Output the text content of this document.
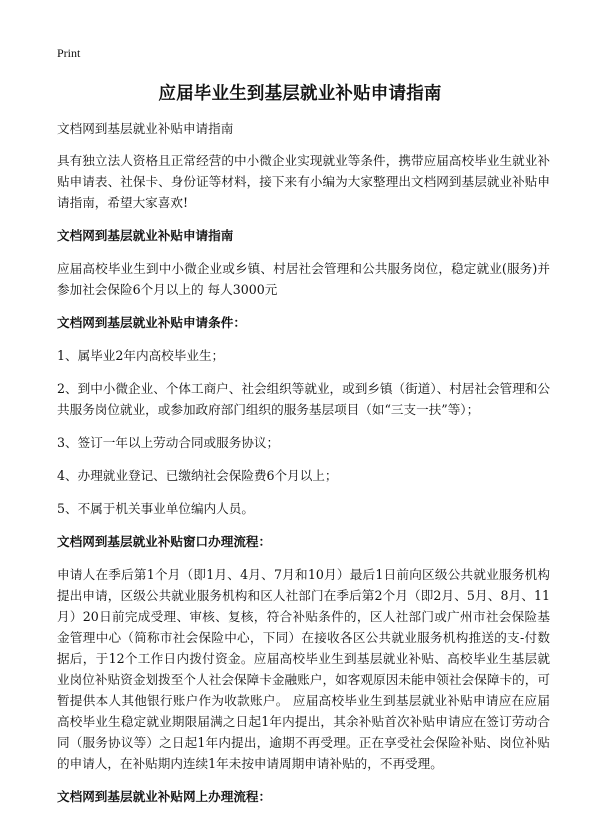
Print
应届毕业生到基层就业补贴申请指南

文档网到基层就业补贴申请指南

具有独立法人资格且正常经营的中小微企业实现就业等条件，携带应届高校毕业生就业补贴申请表、社保卡、身份证等材料，接下来有小编为大家整理出文档网到基层就业补贴申请指南，希望大家喜欢!

文档网到基层就业补贴申请指南

应届高校毕业生到中小微企业或乡镇、村居社会管理和公共服务岗位，稳定就业(服务)并参加社会保险6个月以上的 每人3000元

文档网到基层就业补贴申请条件：

1、属毕业2年内高校毕业生；

2、到中小微企业、个体工商户、社会组织等就业，或到乡镇（街道）、村居社会管理和公共服务岗位就业，或参加政府部门组织的服务基层项目（如“三支一扶”等）；

3、签订一年以上劳动合同或服务协议；

4、办理就业登记、已缴纳社会保险费6个月以上；

5、不属于机关事业单位编内人员。

文档网到基层就业补贴窗口办理流程：

申请人在季后第1个月（即1月、4月、7月和10月）最后1日前向区级公共就业服务机构提出申请，区级公共就业服务机构和区人社部门在季后第2个月（即2月、5月、8月、11月）20日前完成受理、审核、复核，符合补贴条件的，区人社部门或广州市社会保险基金管理中心（简称市社会保险中心，下同）在接收各区公共就业服务机构推送的支-付数据后，于12个工作日内拨付资金。应届高校毕业生到基层就业补贴、高校毕业生基层就业岗位补贴资金划拨至个人社会保障卡金融账户，如客观原因未能申领社会保障卡的，可暂提供本人其他银行账户作为收款账户。 应届高校毕业生到基层就业补贴申请应在应届高校毕业生稳定就业期限届满之日起1年内提出，其余补贴首次补贴申请应在签订劳动合同（服务协议等）之日起1年内提出，逾期不再受理。正在享受社会保险补贴、岗位补贴的申请人，在补贴期内连续1年未按申请周期申请补贴的，不再受理。

文档网到基层就业补贴网上办理流程：
